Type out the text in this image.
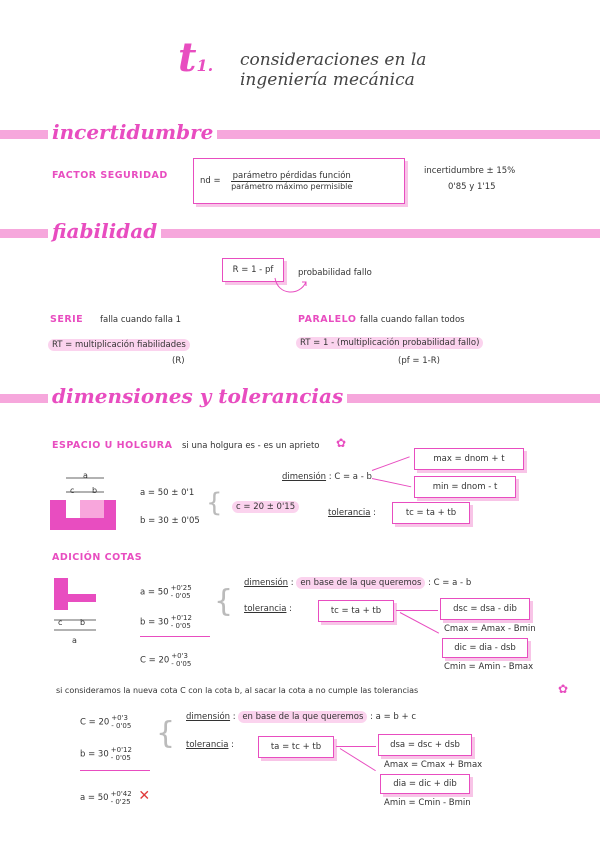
t1. consideraciones en la
ingeniería mecánica
incertidumbre
FACTOR SEGURIDAD	nd = parámetro pérdidas función
parámetro máximo permisible
incertidumbre ± 15%
0'85 y 1'15
fiabilidad
R = 1 - pf	probabilidad fallo
SERIE falla cuando falla 1	PARALELO falla cuando fallan todos
RT = multiplicación fiabilidades
(R)
RT = 1 - (multiplicación probabilidad fallo)
(pf = 1-R)
dimensiones y tolerancias
ESPACIO U HOLGURA si una holgura es - es un aprieto ✿
a
c b	a = 50 ± 0'1
b = 30 ± 0'05
{	c = 20 ± 0'15
dimensión : C = a - b
max = dnom + t
min = dnom - t
tolerancia :	tc = ta + tb
ADICIÓN COTAS
c b
a
a = 50 +0'25
- 0'05
b = 30 +0'12
- 0'05
C = 20 +0'3
- 0'05
{
dimensión : en base de la que queremos : C = a - b
tolerancia :	tc = ta + tb	dsc = dsa - dib
Cmax = Amax - Bmin
dic = dia - dsb
Cmin = Amin - Bmax
si consideramos la nueva cota C con la cota b, al sacar la cota a no cumple las tolerancias	✿
C = 20 +0'3
- 0'05
b = 30 +0'12
- 0'05
a = 50 +0'42
- 0'25 ✕
{ dimensión : en base de la que queremos : a = b + c
tolerancia :	ta = tc + tb	dsa = dsc + dsb
Amax = Cmax + Bmax
dia = dic + dib
Amin = Cmin - Bmin
